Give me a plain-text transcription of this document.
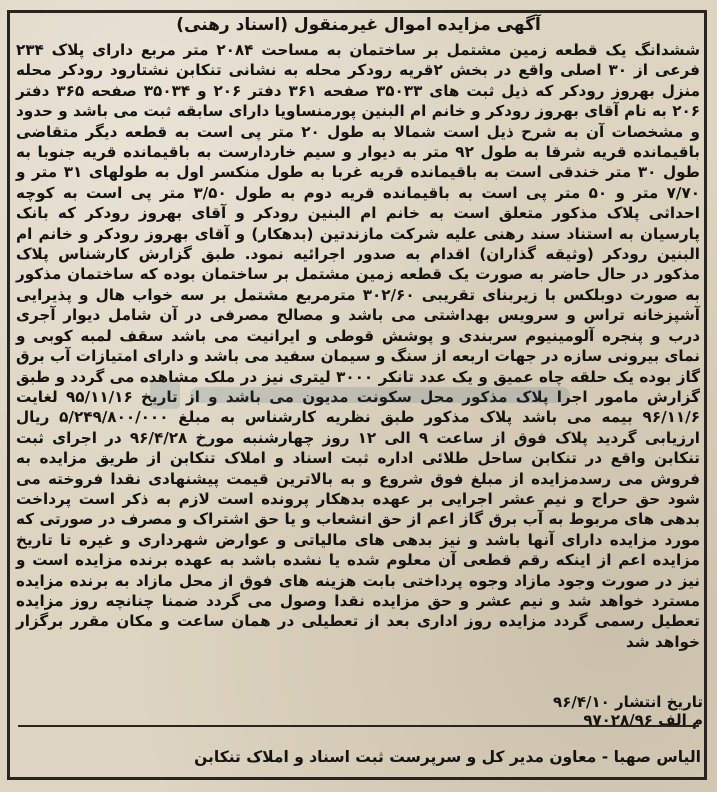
آگهی مزایده اموال غیرمنقول (اسناد رهنی)
ششدانگ یک قطعه زمین مشتمل بر ساختمان به مساحت ۲۰۸۴ متر مربع دارای پلاک ۲۳۴ فرعی از ۳۰ اصلی واقع در بخش ۲قریه رودکر محله به نشانی تنکابن نشتارود رودکر محله منزل بهروز رودکر که ذیل ثبت های ۳۵۰۳۳ صفحه ۳۶۱ دفتر ۲۰۶ و ۳۵۰۳۴ صفحه ۳۶۵ دفتر ۲۰۶ به نام آقای بهروز رودکر و خانم ام البنین پورمنساویا دارای سابقه ثبت می باشد و حدود و مشخصات آن به شرح ذیل است شمالا به طول ۲۰ متر پی است به قطعه دیگر متقاضی باقیمانده قریه شرقا به طول ۹۲ متر به دیوار و سیم خاردارست به باقیمانده قریه جنوبا به طول ۳۰ متر خندقی است به باقیمانده قریه غربا به طول منکسر اول به طولهای ۳۱ متر و ۷/۷۰ متر و ۵۰ متر پی است به باقیمانده قریه دوم به طول ۳/۵۰ متر پی است به کوچه احداثی پلاک مذکور متعلق است به خانم ام البنین رودکر و آقای بهروز رودکر که بانک پارسیان به استناد سند رهنی علیه شرکت مازندتین (بدهکار) و آقای بهروز رودکر و خانم ام البنین رودکر (وثیقه گذاران) اقدام به صدور اجرائیه نمود. طبق گزارش کارشناس پلاک مذکور در حال حاضر به صورت یک قطعه زمین مشتمل بر ساختمان بوده که ساختمان مذکور به صورت دوبلکس با زیربنای تقریبی ۳۰۲/۶۰ مترمربع مشتمل بر سه خواب هال و پذیرایی آشپزخانه تراس و سرویس بهداشتی می باشد و مصالح مصرفی در آن شامل دیوار آجری درب و پنجره آلومینیوم سربندی و پوشش قوطی و ایرانیت می باشد سقف لمبه کوبی و نمای بیرونی سازه در جهات اربعه از سنگ و سیمان سفید می باشد و دارای امتیازات آب برق گاز بوده یک حلقه چاه عمیق و یک عدد تانکر ۳۰۰۰ لیتری نیز در ملک مشاهده می گردد و طبق گزارش مامور اجرا پلاک مذکور محل سکونت مدیون می باشد و از تاریخ ۹۵/۱۱/۱۶ لغایت ۹۶/۱۱/۶ بیمه می باشد پلاک مذکور طبق نظریه کارشناس به مبلغ ۵/۲۴۹/۸۰۰/۰۰۰ ریال ارزیابی گردید پلاک فوق از ساعت ۹ الی ۱۲ روز چهارشنبه مورخ ۹۶/۴/۲۸ در اجرای ثبت تنکابن واقع در تنکابن ساحل طلائی اداره ثبت اسناد و املاک تنکابن از طریق مزایده به فروش می رسدمزایده از مبلغ فوق شروع و به بالاترین قیمت پیشنهادی نقدا فروخته می شود حق حراج و نیم عشر اجرایی بر عهده بدهکار پرونده است لازم به ذکر است پرداخت بدهی های مربوط به آب برق گاز اعم از حق انشعاب و یا حق اشتراک و مصرف در صورتی که مورد مزایده دارای آنها باشد و نیز بدهی های مالیاتی و عوارض شهرداری و غیره تا تاریخ مزایده اعم از اینکه رقم قطعی آن معلوم شده یا نشده باشد به عهده برنده مزایده است و نیز در صورت وجود مازاد وجوه پرداختی بابت هزینه های فوق از محل مازاد به برنده مزایده مسترد خواهد شد و نیم عشر و حق مزایده نقدا وصول می گردد ضمنا چنانچه روز مزایده تعطیل رسمی گردد مزایده روز اداری بعد از تعطیلی در همان ساعت و مکان مقرر برگزار خواهد شد
تاریخ انتشار ۹۶/۴/۱۰
م الف ۹۷۰۲۸/۹۶
الیاس صهبا - معاون مدیر کل و سرپرست ثبت اسناد و املاک تنکابن
